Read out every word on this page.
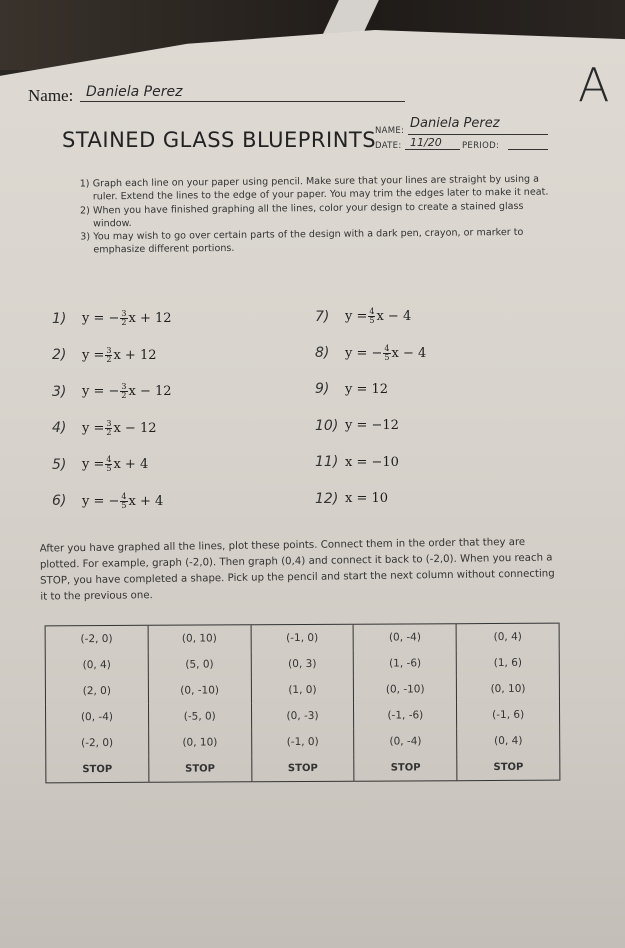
Name: Daniela Perez	A
STAINED GLASS BLUEPRINTS
NAME: Daniela Perez
DATE: 11/20 PERIOD:
1) Graph each line on your paper using pencil. Make sure that your lines are straight by using a ruler. Extend the lines to the edge of your paper. You may trim the edges later to make it neat.
2) When you have finished graphing all the lines, color your design to create a stained glass window.
3) You may wish to go over certain parts of the design with a dark pen, crayon, or marker to emphasize different portions.
1)	y = − $\frac{3}{2}$ x + 12
2)	$y = \frac{3}{2}$ x + 12
3)	y = − $\frac{3}{2}$ x − 12
4)	$y = \frac{3}{2}$ x − 12
5)	$y = \frac{4}{5}$ x + 4
6)	y = − $\frac{4}{5}$ x + 4
7)	$y = \frac{4}{5}$ x − 4
8)	y = − $\frac{4}{5}$ x − 4
9)	y = 12
10) y = −12
11) x = −10
12) x = 10
After you have graphed all the lines, plot these points. Connect them in the order that they are plotted. For example, graph (-2,0). Then graph (0,4) and connect it back to (-2,0). When you reach a STOP, you have completed a shape. Pick up the pencil and start the next column without connecting it to the previous one.
(-2, 0)	(0, 10)	(-1, 0)	(0, -4)	(0, 4)
(0, 4)	(5, 0)	(0, 3)	(1, -6)	(1, 6)
(2, 0)	(0, -10)	(1, 0)	(0, -10)	(0, 10)
(0, -4)	(-5, 0)	(0, -3)	(-1, -6)	(-1, 6)
(-2, 0)	(0, 10)	(-1, 0)	(0, -4)	(0, 4)
STOP	STOP	STOP	STOP	STOP
